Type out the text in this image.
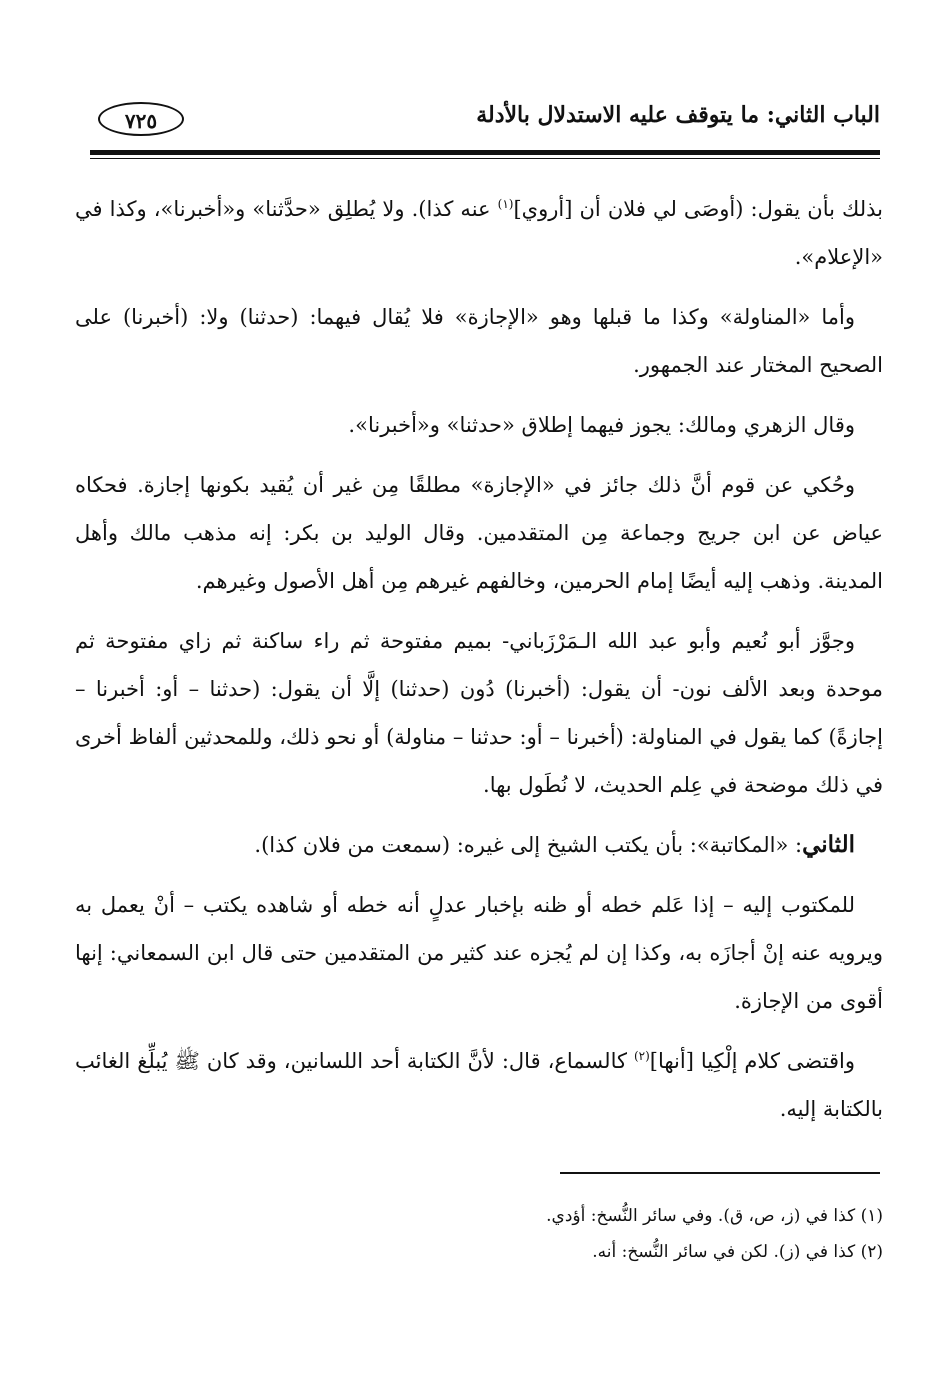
الباب الثاني: ما يتوقف عليه الاستدلال بالأدلة
٧٢٥

بذلك بأن يقول: (أوصَى لي فلان أن [أروي]$^{(١)}$ عنه كذا). ولا يُطلِق «حدَّثنا» و«أخبرنا»، وكذا في «الإعلام».

وأما «المناولة» وكذا ما قبلها وهو «الإجازة» فلا يُقال فيهما: (حدثنا) ولا: (أخبرنا) على الصحيح المختار عند الجمهور.

وقال الزهري ومالك: يجوز فيهما إطلاق «حدثنا» و«أخبرنا».

وحُكي عن قوم أنَّ ذلك جائز في «الإجازة» مطلقًا مِن غير أن يُقيد بكونها إجازة. فحكاه عياض عن ابن جريج وجماعة مِن المتقدمين. وقال الوليد بن بكر: إنه مذهب مالك وأهل المدينة. وذهب إليه أيضًا إمام الحرمين، وخالفهم غيرهم مِن أهل الأصول وغيرهم.

وجوَّز أبو نُعيم وأبو عبد الله الـمَرْزَباني- بميم مفتوحة ثم راء ساكنة ثم زاي مفتوحة ثم موحدة وبعد الألف نون- أن يقول: (أخبرنا) دُون (حدثنا) إلَّا أن يقول: (حدثنا – أو: أخبرنا – إجازةً) كما يقول في المناولة: (أخبرنا – أو: حدثنا – مناولة) أو نحو ذلك، وللمحدثين ألفاظ أخرى في ذلك موضحة في عِلم الحديث، لا نُطَول بها.

الثاني: «المكاتبة»: بأن يكتب الشيخ إلى غيره: (سمعت من فلان كذا).

للمكتوب إليه – إذا عَلم خطه أو ظنه بإخبار عدلٍ أنه خطه أو شاهده يكتب – أنْ يعمل به ويرويه عنه إنْ أجازَه به، وكذا إن لم يُجزه عند كثير من المتقدمين حتى قال ابن السمعاني: إنها أقوى من الإجازة.

واقتضى كلام إلْكِيا [أنها]$^{(٢)}$ كالسماع، قال: لأنَّ الكتابة أحد اللسانين، وقد كان ﷺ يُبلِّغ الغائب بالكتابة إليه.

(١) كذا في (ز، ص، ق). وفي سائر النُّسخ: أؤدي.

(٢) كذا في (ز). لكن في سائر النُّسخ: أنه.
